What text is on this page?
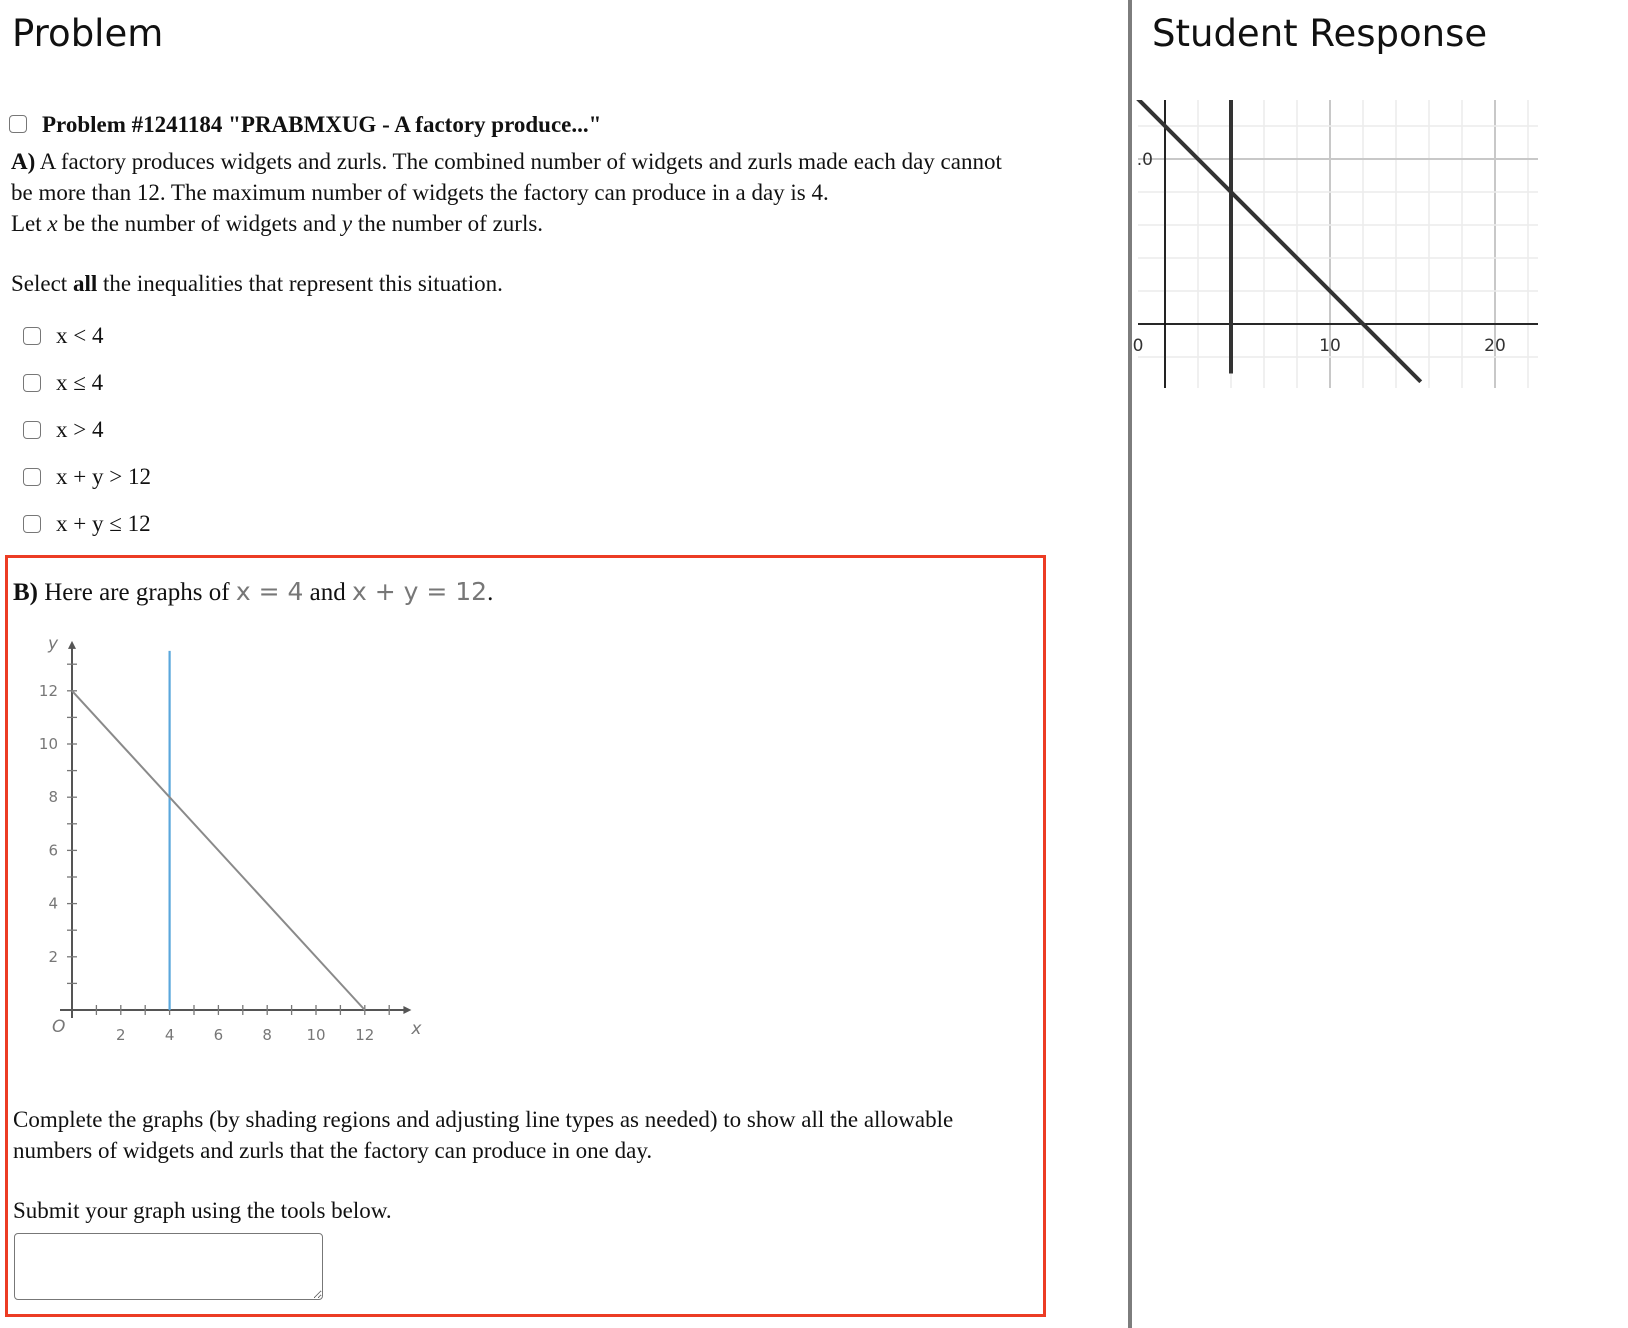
Problem	Student Response
Problem #1241184 "PRABMXUG - A factory produce..."
A) A factory produces widgets and zurls. The combined number of widgets and zurls made each day cannot
be more than 12. The maximum number of widgets the factory can produce in a day is 4.
Let x be the number of widgets and y the number of zurls.
Select all the inequalities that represent this situation.
x < 4
x ≤ 4
x > 4
x + y > 12
x + y ≤ 12
B) Here are graphs of x = 4 and x + y = 12.
2	4	6	8 10 12
2
4
6
8
10
12
x
y
O
Complete the graphs (by shading regions and adjusting line types as needed) to show all the allowable numbers of widgets and zurls that the factory can produce in one day.
Submit your graph using the tools below.
0	10	20
.0
